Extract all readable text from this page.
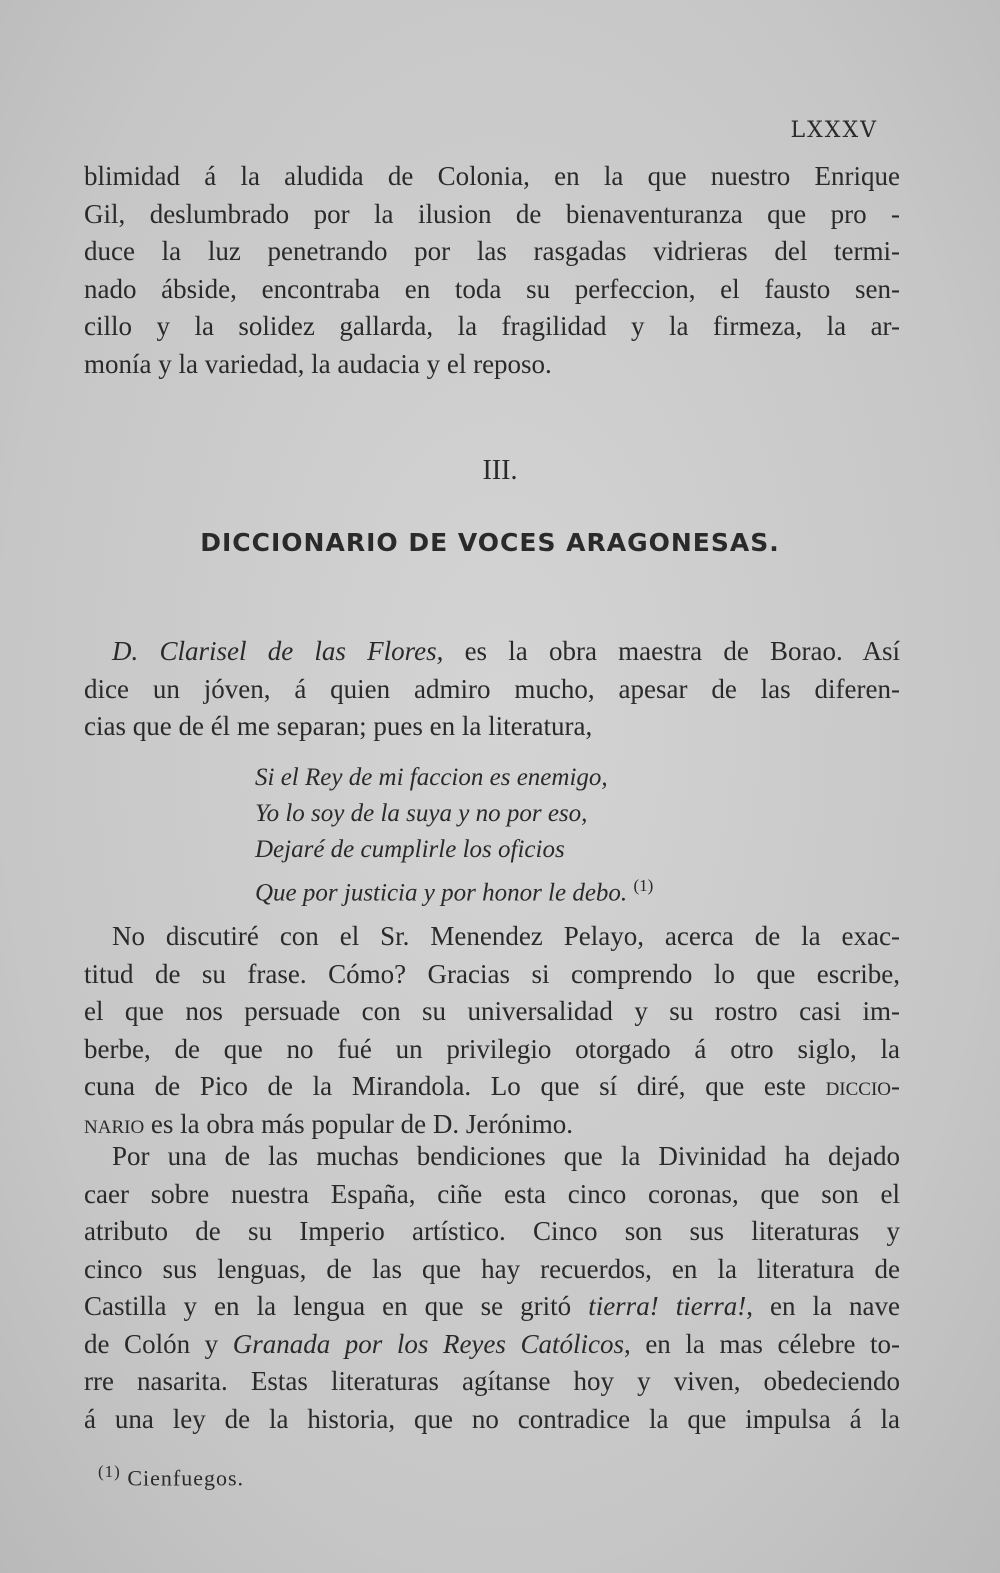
LXXXV
blimidad á la aludida de Colonia, en la que nuestro Enrique
Gil, deslumbrado por la ilusion de bienaventuranza que pro -
duce la luz penetrando por las rasgadas vidrieras del termi-
nado ábside, encontraba en toda su perfeccion, el fausto sen-
cillo y la solidez gallarda, la fragilidad y la firmeza, la ar-
monía y la variedad, la audacia y el reposo.
III.
DICCIONARIO DE VOCES ARAGONESAS.
D. Clarisel de las Flores, es la obra maestra de Borao. Así
dice un jóven, á quien admiro mucho, apesar de las diferen-
cias que de él me separan; pues en la literatura,
Si el Rey de mi faccion es enemigo,
Yo lo soy de la suya y no por eso,
Dejaré de cumplirle los oficios
Que por justicia y por honor le debo. $^{(1)}$
No discutiré con el Sr. Menendez Pelayo, acerca de la exac-
titud de su frase. Cómo? Gracias si comprendo lo que escribe,
el que nos persuade con su universalidad y su rostro casi im-
berbe, de que no fué un privilegio otorgado á otro siglo, la
cuna de Pico de la Mirandola. Lo que sí diré, que este diccio-
nario es la obra más popular de D. Jerónimo.
Por una de las muchas bendiciones que la Divinidad ha dejado
caer sobre nuestra España, ciñe esta cinco coronas, que son el
atributo de su Imperio artístico. Cinco son sus literaturas y
cinco sus lenguas, de las que hay recuerdos, en la literatura de
Castilla y en la lengua en que se gritó tierra! tierra!, en la nave
de Colón y Granada por los Reyes Católicos, en la mas célebre to-
rre nasarita. Estas literaturas agítanse hoy y viven, obedeciendo
á una ley de la historia, que no contradice la que impulsa á la
$^{(1)}$ Cienfuegos.
